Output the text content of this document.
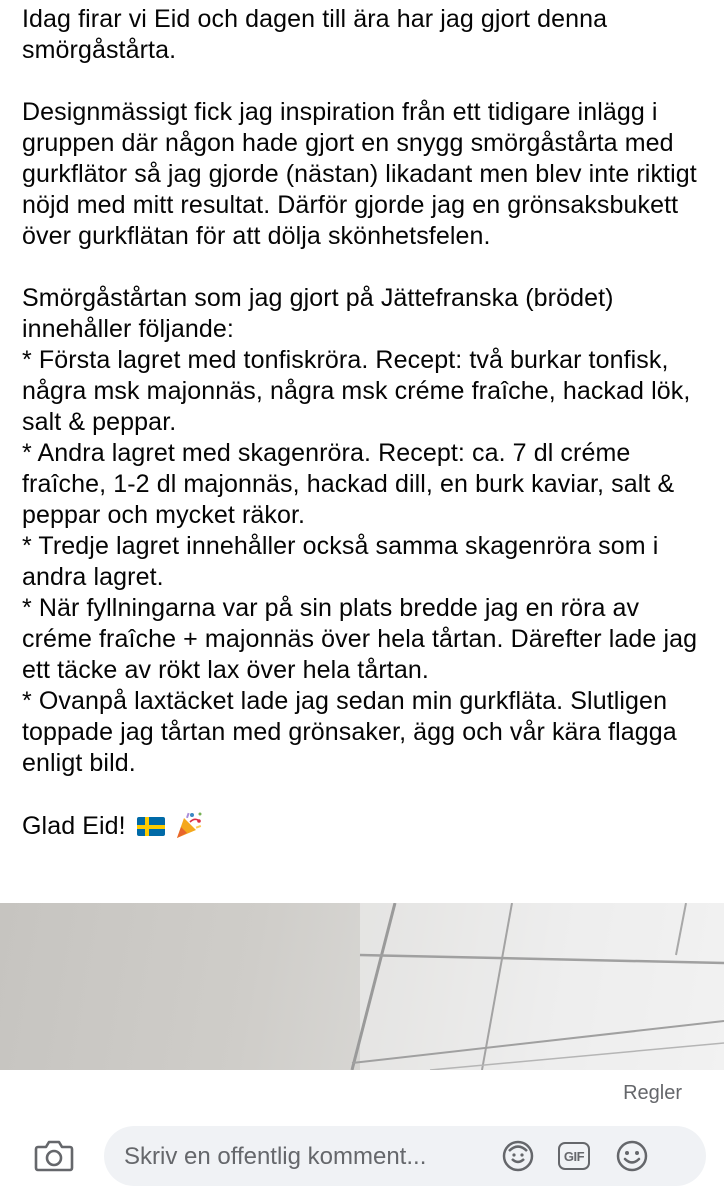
Idag firar vi Eid och dagen till ära har jag gjort denna smörgåstårta.

Designmässigt fick jag inspiration från ett tidigare inlägg i gruppen där någon hade gjort en snygg smörgåstårta med gurkflätor så jag gjorde (nästan) likadant men blev inte riktigt nöjd med mitt resultat. Därför gjorde jag en grönsaksbukett över gurkflätan för att dölja skönhetsfelen.

Smörgåstårtan som jag gjort på Jättefranska (brödet) innehåller följande:

* Första lagret med tonfiskröra. Recept: två burkar tonfisk, några msk majonnäs, några msk créme fraîche, hackad lök, salt & peppar.

* Andra lagret med skagenröra. Recept: ca. 7 dl créme fraîche, 1-2 dl majonnäs, hackad dill, en burk kaviar, salt & peppar och mycket räkor.

* Tredje lagret innehåller också samma skagenröra som i andra lagret.

* När fyllningarna var på sin plats bredde jag en röra av créme fraîche + majonnäs över hela tårtan. Därefter lade jag ett täcke av rökt lax över hela tårtan.

* Ovanpå laxtäcket lade jag sedan min gurkfläta. Slutligen toppade jag tårtan med grönsaker, ägg och vår kära flagga enligt bild.

Glad Eid!

Regler
Skriv en offentlig komment...
GIF
